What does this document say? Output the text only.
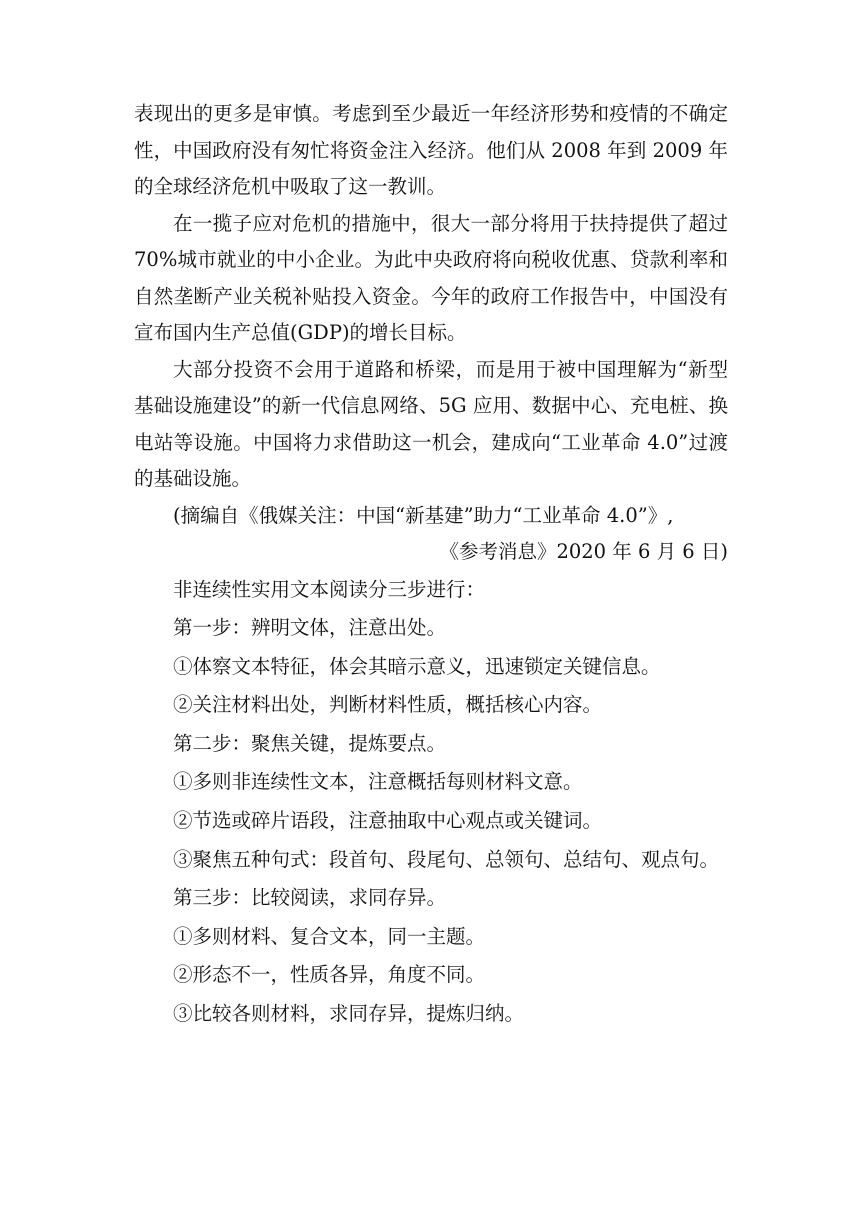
表现出的更多是审慎。考虑到至少最近一年经济形势和疫情的不确定性，中国政府没有匆忙将资金注入经济。他们从 2008 年到 2009 年的全球经济危机中吸取了这一教训。

在一揽子应对危机的措施中，很大一部分将用于扶持提供了超过 70%城市就业的中小企业。为此中央政府将向税收优惠、贷款利率和自然垄断产业关税补贴投入资金。今年的政府工作报告中，中国没有宣布国内生产总值(GDP)的增长目标。

大部分投资不会用于道路和桥梁，而是用于被中国理解为“新型基础设施建设”的新一代信息网络、5G 应用、数据中心、充电桩、换电站等设施。中国将力求借助这一机会，建成向“工业革命 4.0”过渡的基础设施。

(摘编自《俄媒关注：中国“新基建”助力“工业革命 4.0”》,

《参考消息》2020 年 6 月 6 日)

非连续性实用文本阅读分三步进行：

第一步：辨明文体，注意出处。

①体察文本特征，体会其暗示意义，迅速锁定关键信息。

②关注材料出处，判断材料性质，概括核心内容。

第二步：聚焦关键，提炼要点。

①多则非连续性文本，注意概括每则材料文意。

②节选或碎片语段，注意抽取中心观点或关键词。

③聚焦五种句式：段首句、段尾句、总领句、总结句、观点句。

第三步：比较阅读，求同存异。

①多则材料、复合文本，同一主题。

②形态不一，性质各异，角度不同。

③比较各则材料，求同存异，提炼归纳。
